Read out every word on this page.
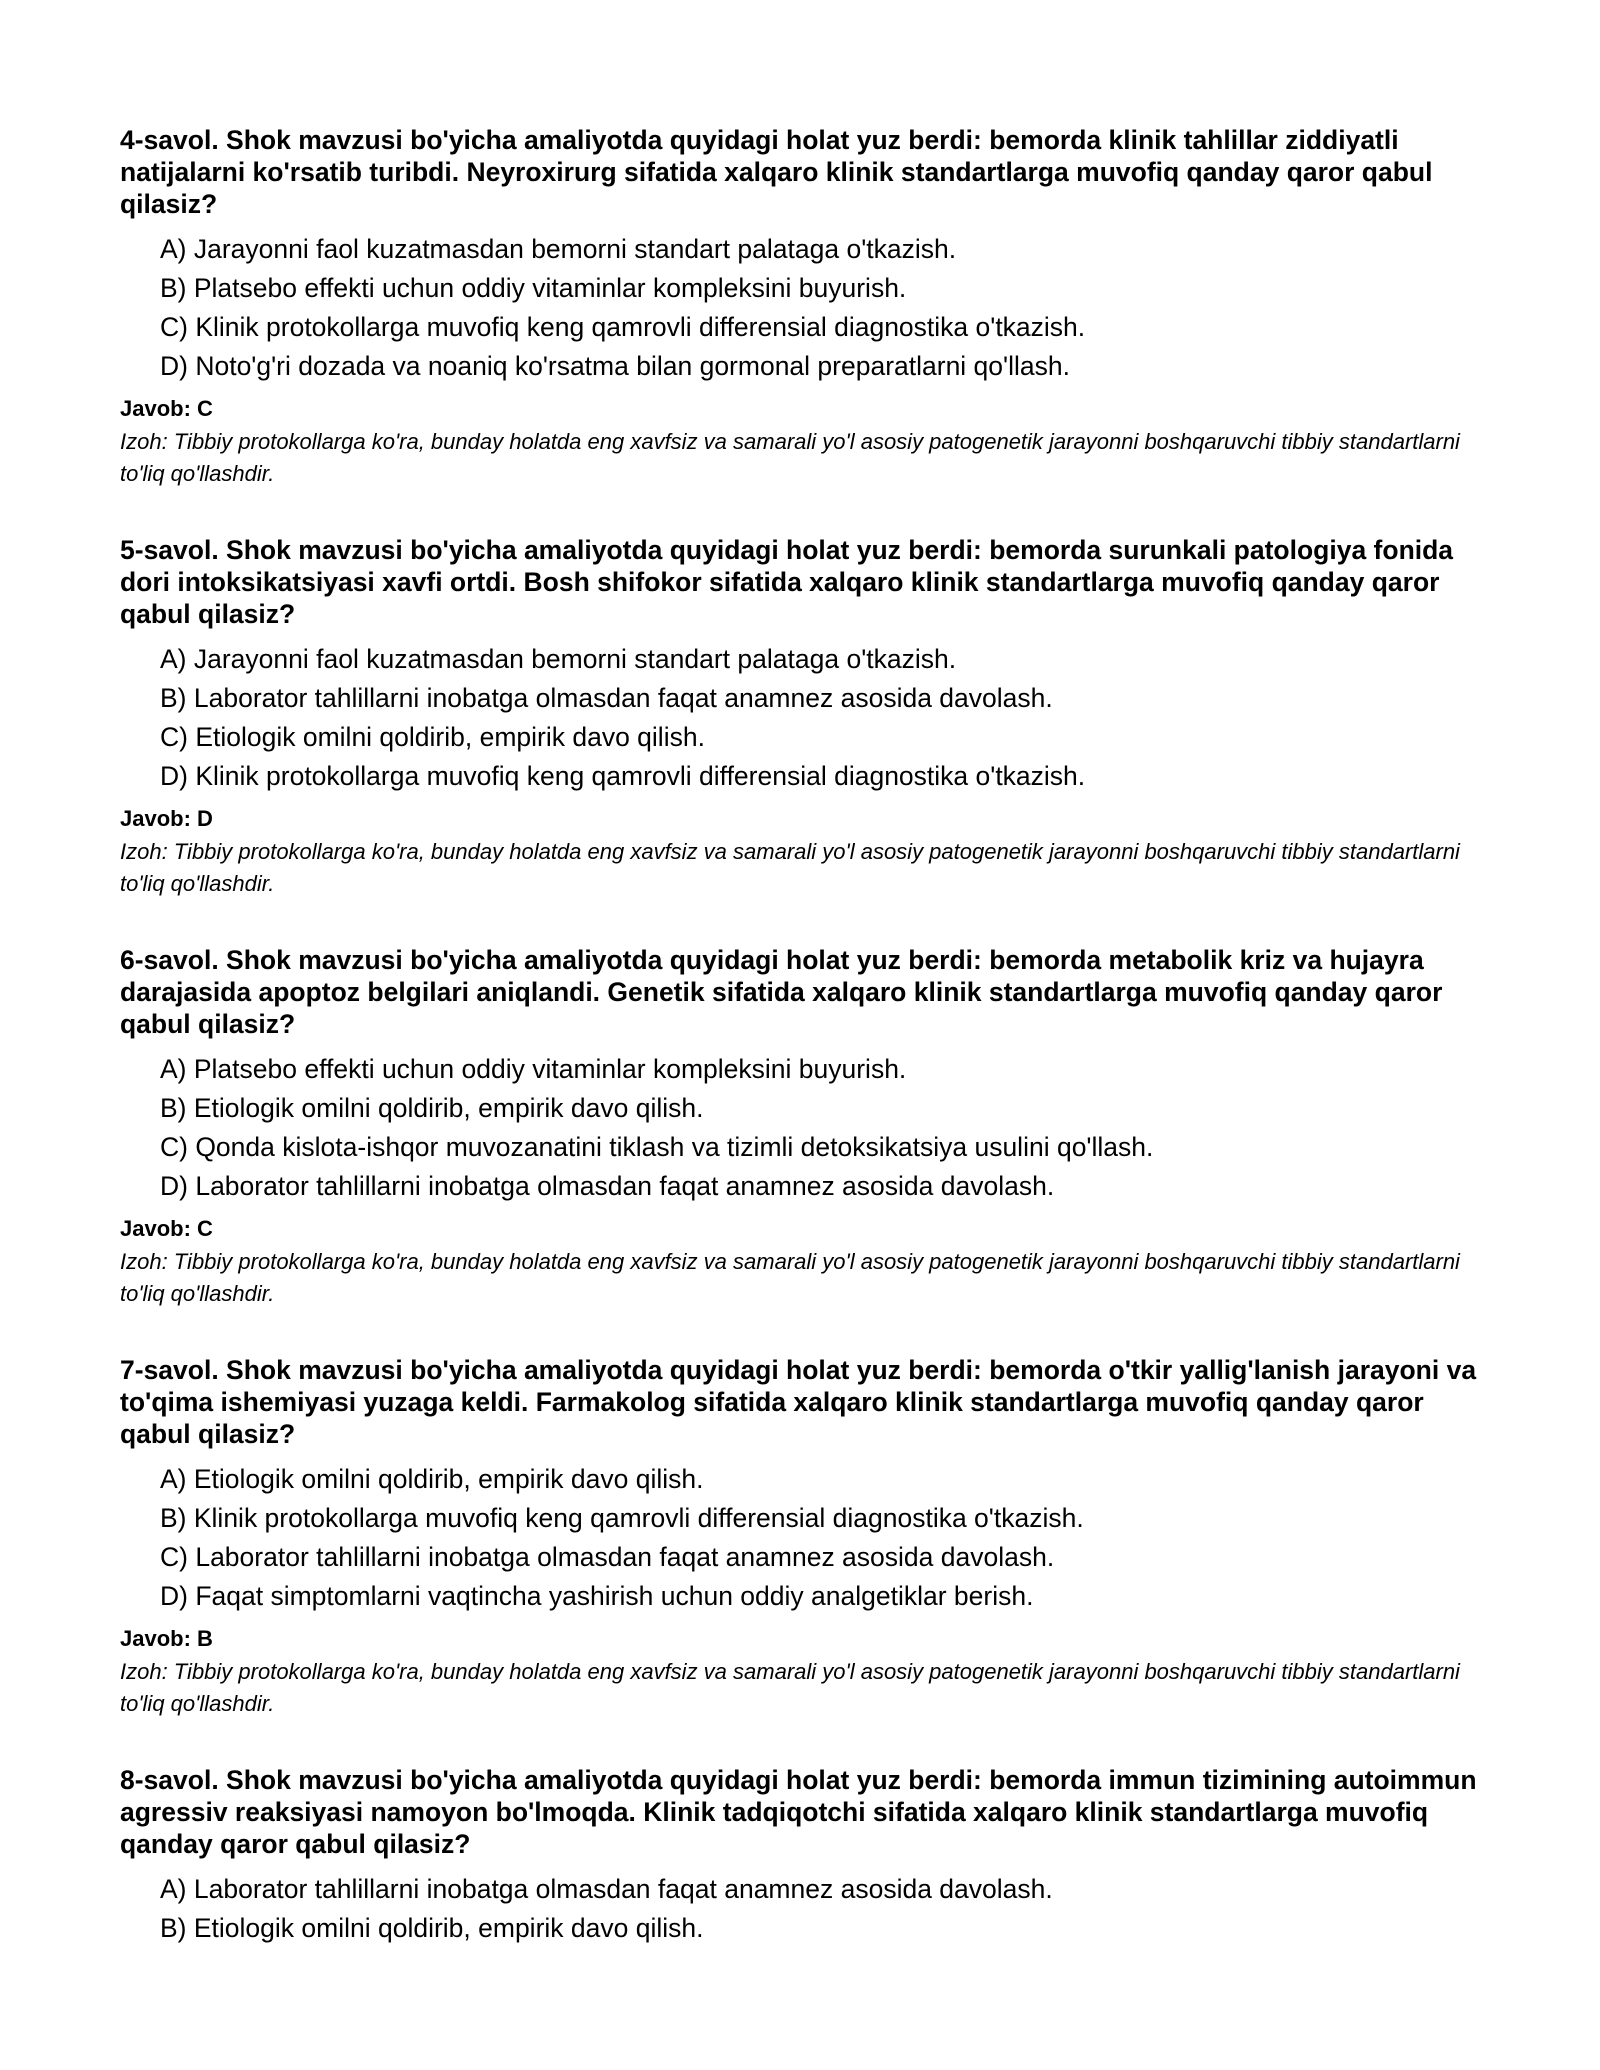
4-savol. Shok mavzusi bo'yicha amaliyotda quyidagi holat yuz berdi: bemorda klinik tahlillar ziddiyatli natijalarni ko'rsatib turibdi. Neyroxirurg sifatida xalqaro klinik standartlarga muvofiq qanday qaror qabul qilasiz?

A) Jarayonni faol kuzatmasdan bemorni standart palataga o'tkazish.
B) Platsebo effekti uchun oddiy vitaminlar kompleksini buyurish.
C) Klinik protokollarga muvofiq keng qamrovli differensial diagnostika o'tkazish.
D) Noto'g'ri dozada va noaniq ko'rsatma bilan gormonal preparatlarni qo'llash.

Javob: C

Izoh: Tibbiy protokollarga ko'ra, bunday holatda eng xavfsiz va samarali yo'l asosiy patogenetik jarayonni boshqaruvchi tibbiy standartlarni to'liq qo'llashdir.

5-savol. Shok mavzusi bo'yicha amaliyotda quyidagi holat yuz berdi: bemorda surunkali patologiya fonida dori intoksikatsiyasi xavfi ortdi. Bosh shifokor sifatida xalqaro klinik standartlarga muvofiq qanday qaror qabul qilasiz?

A) Jarayonni faol kuzatmasdan bemorni standart palataga o'tkazish.
B) Laborator tahlillarni inobatga olmasdan faqat anamnez asosida davolash.
C) Etiologik omilni qoldirib, empirik davo qilish.
D) Klinik protokollarga muvofiq keng qamrovli differensial diagnostika o'tkazish.

Javob: D

Izoh: Tibbiy protokollarga ko'ra, bunday holatda eng xavfsiz va samarali yo'l asosiy patogenetik jarayonni boshqaruvchi tibbiy standartlarni to'liq qo'llashdir.

6-savol. Shok mavzusi bo'yicha amaliyotda quyidagi holat yuz berdi: bemorda metabolik kriz va hujayra darajasida apoptoz belgilari aniqlandi. Genetik sifatida xalqaro klinik standartlarga muvofiq qanday qaror qabul qilasiz?

A) Platsebo effekti uchun oddiy vitaminlar kompleksini buyurish.
B) Etiologik omilni qoldirib, empirik davo qilish.
C) Qonda kislota-ishqor muvozanatini tiklash va tizimli detoksikatsiya usulini qo'llash.
D) Laborator tahlillarni inobatga olmasdan faqat anamnez asosida davolash.

Javob: C

Izoh: Tibbiy protokollarga ko'ra, bunday holatda eng xavfsiz va samarali yo'l asosiy patogenetik jarayonni boshqaruvchi tibbiy standartlarni to'liq qo'llashdir.

7-savol. Shok mavzusi bo'yicha amaliyotda quyidagi holat yuz berdi: bemorda o'tkir yallig'lanish jarayoni va to'qima ishemiyasi yuzaga keldi. Farmakolog sifatida xalqaro klinik standartlarga muvofiq qanday qaror qabul qilasiz?

A) Etiologik omilni qoldirib, empirik davo qilish.
B) Klinik protokollarga muvofiq keng qamrovli differensial diagnostika o'tkazish.
C) Laborator tahlillarni inobatga olmasdan faqat anamnez asosida davolash.
D) Faqat simptomlarni vaqtincha yashirish uchun oddiy analgetiklar berish.

Javob: B

Izoh: Tibbiy protokollarga ko'ra, bunday holatda eng xavfsiz va samarali yo'l asosiy patogenetik jarayonni boshqaruvchi tibbiy standartlarni to'liq qo'llashdir.

8-savol. Shok mavzusi bo'yicha amaliyotda quyidagi holat yuz berdi: bemorda immun tizimining autoimmun agressiv reaksiyasi namoyon bo'lmoqda. Klinik tadqiqotchi sifatida xalqaro klinik standartlarga muvofiq qanday qaror qabul qilasiz?

A) Laborator tahlillarni inobatga olmasdan faqat anamnez asosida davolash.
B) Etiologik omilni qoldirib, empirik davo qilish.
